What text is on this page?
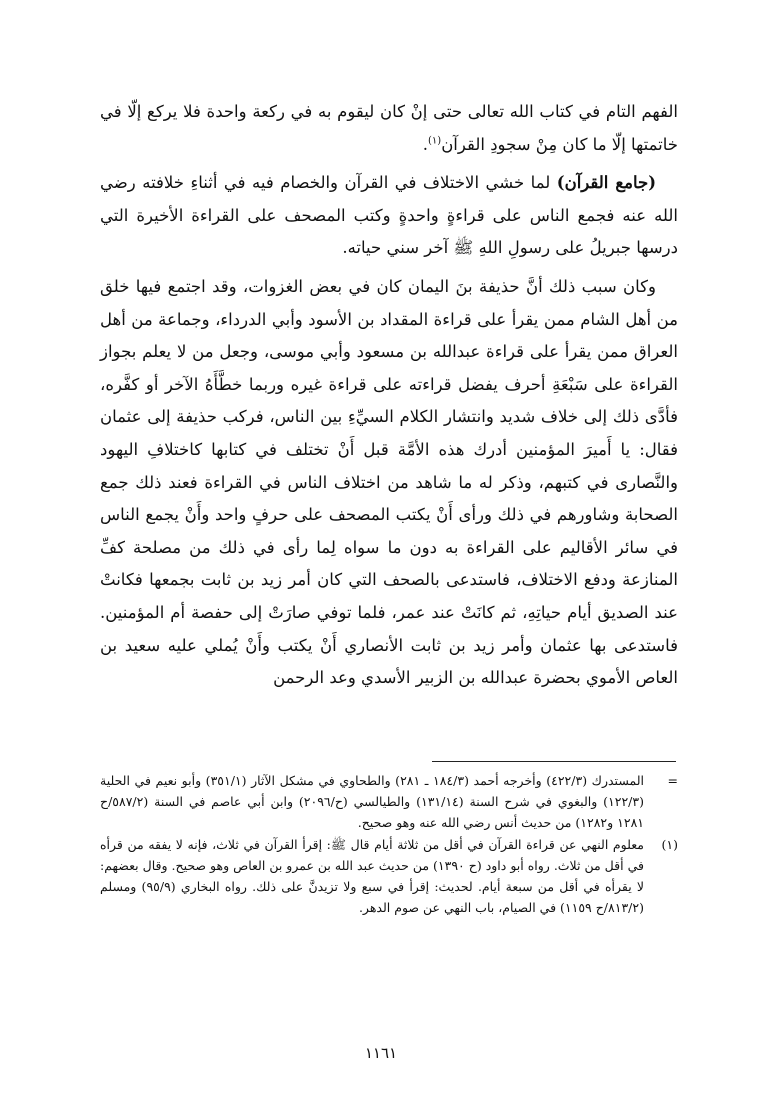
الفهم التام في كتاب الله تعالى حتى إنْ كان ليقوم به في ركعة واحدة فلا يركع إلّا في خاتمتها إلّا ما كان مِنْ سجودِ القرآن$^{(١)}$.

(جامع القرآن) لما خشي الاختلاف في القرآن والخصام فيه في أثناءِ خلافته رضي الله عنه فجمع الناس على قراءةٍ واحدةٍ وكتب المصحف على القراءة الأخيرة التي درسها جبريلُ على رسولِ اللهِ ﷺ آخر سني حياته.

وكان سبب ذلك أنَّ حذيفة بنَ اليمان كان في بعض الغزوات، وقد اجتمع فيها خلق من أهل الشام ممن يقرأ على قراءة المقداد بن الأسود وأبي الدرداء، وجماعة من أهل العراق ممن يقرأ على قراءة عبدالله بن مسعود وأبي موسى، وجعل من لا يعلم بجواز القراءة على سَبْعَةِ أحرف يفضل قراءته على قراءة غيره وربما خطَّأَهُ الآخر أو كفَّره، فأدَّى ذلك إلى خلاف شديد وانتشار الكلام السيِّءِ بين الناس، فركب حذيفة إلى عثمان فقال: يا أَميرَ المؤمنين أدرك هذه الأمَّة قبل أَنْ تختلف في كتابها كاختلافِ اليهود والنَّصارى في كتبهم، وذكر له ما شاهد من اختلاف الناس في القراءة فعند ذلك جمع الصحابة وشاورهم في ذلك ورأى أَنْ يكتب المصحف على حرفٍ واحد وأَنْ يجمع الناس في سائر الأقاليم على القراءة به دون ما سواه لِما رأى في ذلك من مصلحة كفِّ المنازعة ودفع الاختلاف، فاستدعى بالصحف التي كان أمر زيد بن ثابت بجمعها فكانتْ عند الصديق أيام حياتِهِ، ثم كانَتْ عند عمر، فلما توفي صارَتْ إلى حفصة أم المؤمنين. فاستدعى بها عثمان وأمر زيد بن ثابت الأنصاري أَنْ يكتب وأَنْ يُملي عليه سعيد بن العاص الأموي بحضرة عبدالله بن الزبير الأسدي وعد الرحمن

=
المستدرك (٤٢٢/٣) وأخرجه أحمد (١٨٤/٣ ـ ٢٨١) والطحاوي في مشكل الآثار (٣٥١/١) وأبو نعيم في الحلية (١٢٢/٣) والبغوي في شرح السنة (١٣١/١٤) والطيالسي (ح/٢٠٩٦) وابن أبي عاصم في السنة (٥٨٧/٢/ح ١٢٨١ و١٢٨٢) من حديث أنس رضي الله عنه وهو صحيح.
(١)
معلوم النهي عن قراءة القرآن في أقل من ثلاثة أيام قال ﷺ: إقرأ القرآن في ثلاث، فإنه لا يفقه من قرأه في أقل من ثلاث. رواه أبو داود (ح ١٣٩٠) من حديث عبد الله بن عمرو بن العاص وهو صحيح. وقال بعضهم: لا يقرأه في أقل من سبعة أيام. لحديث: إقرأ في سبع ولا تزيدنَّ على ذلك. رواه البخاري (٩٥/٩) ومسلم (٨١٣/٢/ح ١١٥٩) في الصيام، باب النهي عن صوم الدهر.
١١٦١
